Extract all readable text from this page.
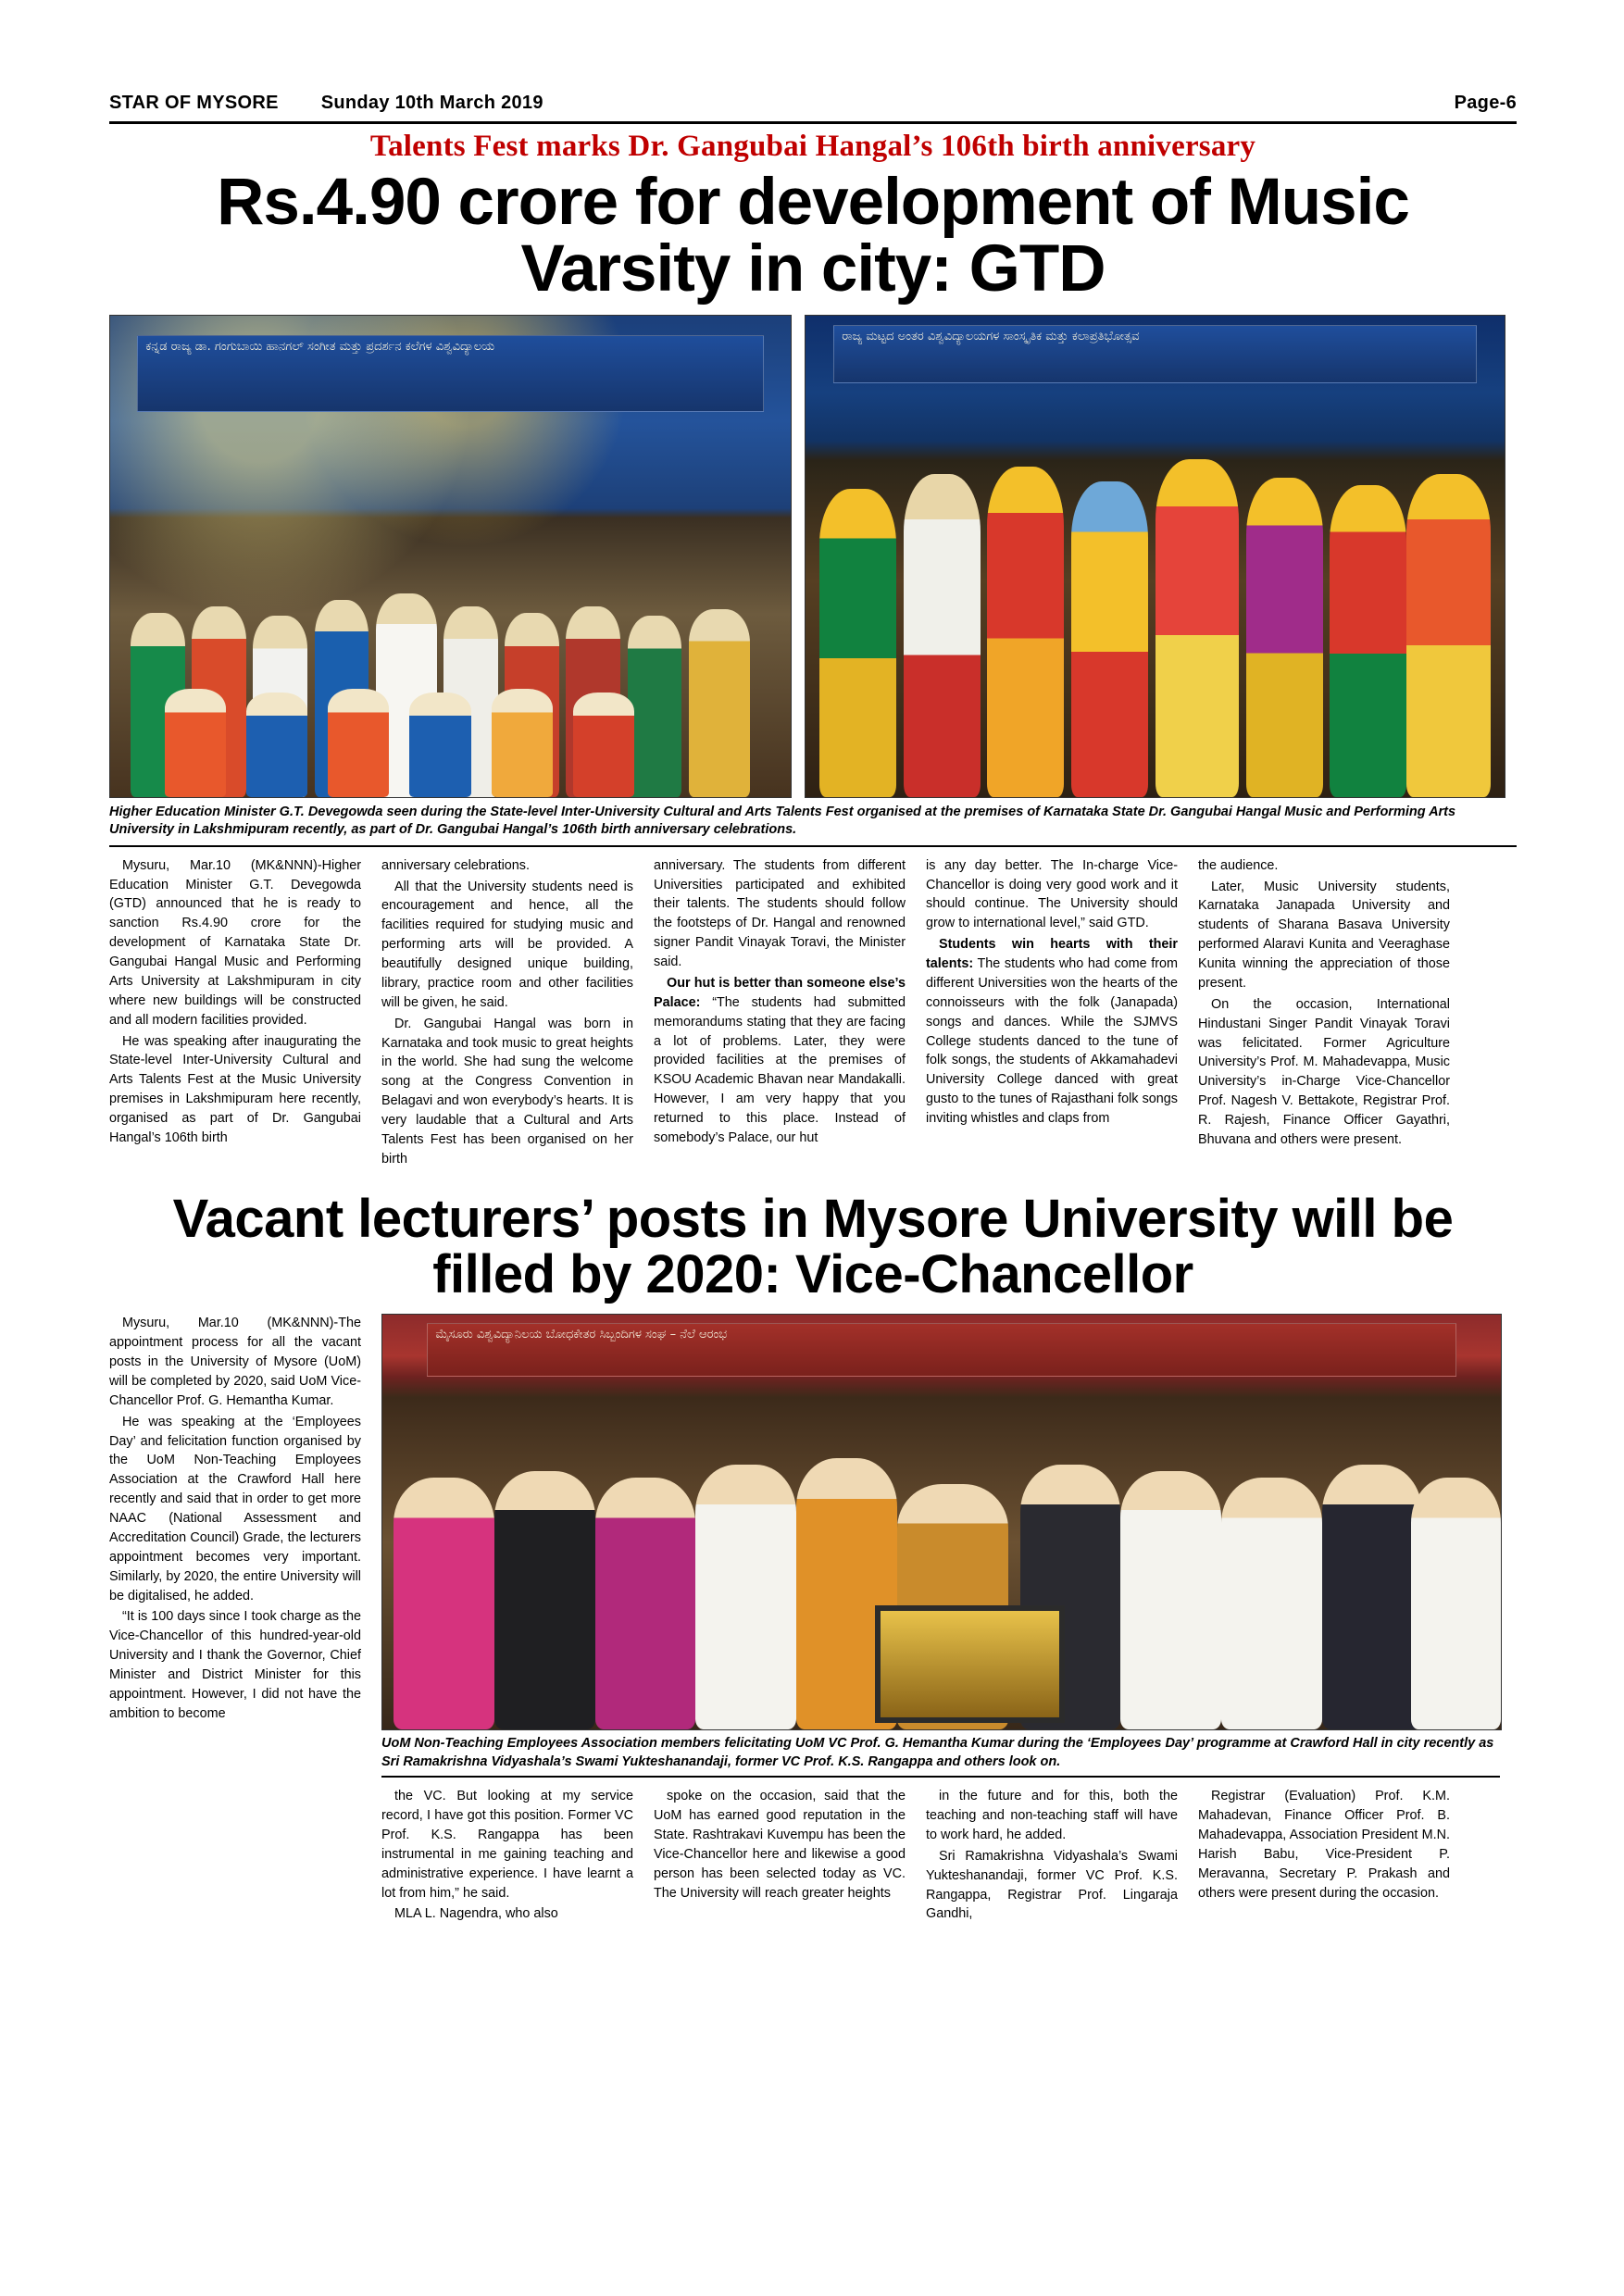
STAR OF MYSORE Sunday 10th March 2019	Page-6
Talents Fest marks Dr. Gangubai Hangal’s 106th birth anniversary
Rs.4.90 crore for development of Music Varsity in city: GTD
ಕನ್ನಡ ರಾಜ್ಯ ಡಾ. ಗಂಗುಬಾಯಿ ಹಾನಗಲ್ ಸಂಗೀತ ಮತ್ತು ಪ್ರದರ್ಶನ ಕಲೆಗಳ ವಿಶ್ವವಿದ್ಯಾಲಯ
ರಾಜ್ಯ ಮಟ್ಟದ ಅಂತರ ವಿಶ್ವವಿದ್ಯಾಲಯಗಳ ಸಾಂಸ್ಕೃತಿಕ ಮತ್ತು ಕಲಾಪ್ರತಿಭೋತ್ಸವ
Higher Education Minister G.T. Devegowda seen during the State-level Inter-University Cultural and Arts Talents Fest organised at the premises of Karnataka State Dr. Gangubai Hangal Music and Performing Arts University in Lakshmipuram recently, as part of Dr. Gangubai Hangal’s 106th birth anniversary celebrations.

Mysuru, Mar.10 (MK&NNN)-Higher Education Minister G.T. Devegowda (GTD) announced that he is ready to sanction Rs.4.90 crore for the development of Karnataka State Dr. Gangubai Hangal Music and Performing Arts University at Lakshmipuram in city where new buildings will be constructed and all modern facilities provided.

He was speaking after inaugurating the State-level Inter-University Cultural and Arts Talents Fest at the Music University premises in Lakshmipuram here recently, organised as part of Dr. Gangubai Hangal’s 106th birth

anniversary celebrations.

All that the University students need is encouragement and hence, all the facilities required for studying music and performing arts will be provided. A beautifully designed unique building, library, practice room and other facilities will be given, he said.

Dr. Gangubai Hangal was born in Karnataka and took music to great heights in the world. She had sung the welcome song at the Congress Convention in Belagavi and won everybody’s hearts. It is very laudable that a Cultural and Arts Talents Fest has been organised on her birth

anniversary. The students from different Universities participated and exhibited their talents. The students should follow the footsteps of Dr. Hangal and renowned signer Pandit Vinayak Toravi, the Minister said.

Our hut is better than someone else’s Palace: “The students had submitted memorandums stating that they are facing a lot of problems. Later, they were provided facilities at the premises of KSOU Academic Bhavan near Mandakalli. However, I am very happy that you returned to this place. Instead of somebody’s Palace, our hut

is any day better. The In-charge Vice-Chancellor is doing very good work and it should continue. The University should grow to international level,” said GTD.

Students win hearts with their talents: The students who had come from different Universities won the hearts of the connoisseurs with the folk (Janapada) songs and dances. While the SJMVS College students danced to the tune of folk songs, the students of Akkamahadevi University College danced with great gusto to the tunes of Rajasthani folk songs inviting whistles and claps from

the audience.

Later, Music University students, Karnataka Janapada University and students of Sharana Basava University performed Alaravi Kunita and Veeraghase Kunita winning the appreciation of those present.

On the occasion, International Hindustani Singer Pandit Vinayak Toravi was felicitated. Former Agriculture University’s Prof. M. Mahadevappa, Music University’s in-Charge Vice-Chancellor Prof. Nagesh V. Bettakote, Registrar Prof. R. Rajesh, Finance Officer Gayathri, Bhuvana and others were present.

Vacant lecturers’ posts in Mysore University will be filled by 2020: Vice-Chancellor

Mysuru, Mar.10 (MK&NNN)-The appointment process for all the vacant posts in the University of Mysore (UoM) will be completed by 2020, said UoM Vice-Chancellor Prof. G. Hemantha Kumar.

He was speaking at the ‘Employees Day’ and felicitation function organised by the UoM Non-Teaching Employees Association at the Crawford Hall here recently and said that in order to get more NAAC (National Assessment and Accreditation Council) Grade, the lecturers appointment becomes very important. Similarly, by 2020, the entire University will be digitalised, he added.

“It is 100 days since I took charge as the Vice-Chancellor of this hundred-year-old University and I thank the Governor, Chief Minister and District Minister for this appointment. However, I did not have the ambition to become

ಮೈಸೂರು ವಿಶ್ವವಿದ್ಯಾನಿಲಯ ಬೋಧಕೇತರ ಸಿಬ್ಬಂದಿಗಳ ಸಂಘ – ನೆಲೆ ಆರಂಭ
UoM Non-Teaching Employees Association members felicitating UoM VC Prof. G. Hemantha Kumar during the ‘Employees Day’ programme at Crawford Hall in city recently as Sri Ramakrishna Vidyashala’s Swami Yukteshanandaji, former VC Prof. K.S. Rangappa and others look on.

the VC. But looking at my service record, I have got this position. Former VC Prof. K.S. Rangappa has been instrumental in me gaining teaching and administrative experience. I have learnt a lot from him,” he said.

MLA L. Nagendra, who also

spoke on the occasion, said that the UoM has earned good reputation in the State. Rashtrakavi Kuvempu has been the Vice-Chancellor here and likewise a good person has been selected today as VC. The University will reach greater heights

in the future and for this, both the teaching and non-teaching staff will have to work hard, he added.

Sri Ramakrishna Vidyashala’s Swami Yukteshanandaji, former VC Prof. K.S. Rangappa, Registrar Prof. Lingaraja Gandhi,

Registrar (Evaluation) Prof. K.M. Mahadevan, Finance Officer Prof. B. Mahadevappa, Association President M.N. Harish Babu, Vice-President P. Meravanna, Secretary P. Prakash and others were present during the occasion.
